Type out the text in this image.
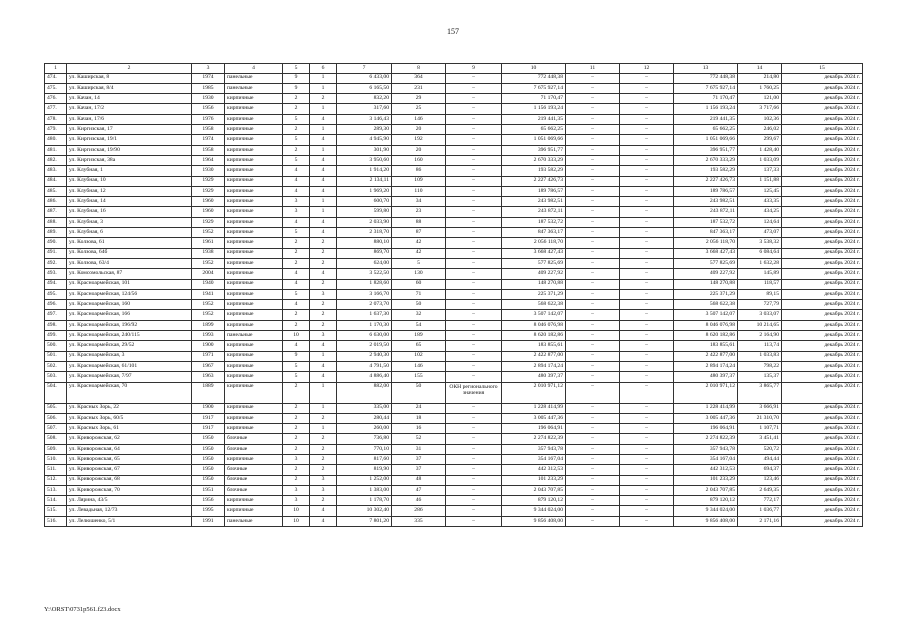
157
1	2	3	4	5	6	7	8	9	10	11	12	13	14	15
474.	ул. Каширская, 8	1974	панельные	9	1	6 433,00	364	–	772 448,38	–	–	772 448,38	214,80	декабрь 2024 г.
475.	ул. Каширская, 8/4	1985	панельные	9	1	6 165,50	231	–	7 675 927,14	–	–	7 675 927,14	1 760,25	декабрь 2024 г.
476.	ул. Качан, 14	1930	кирпичные	2	2	832,20	29	–	71 170,47	–	–	71 170,47	121,00	декабрь 2024 г.
477.	ул. Качан, 17/2	1956	кирпичные	2	1	317,60	25	–	1 156 193,24	–	–	1 156 193,24	3 717,66	декабрь 2024 г.
478.	ул. Качан, 17/6	1976	кирпичные	5	4	3 146,43	146	–	219 441,35	–	–	219 441,35	102,36	декабрь 2024 г.
479.	ул. Киргизская, 17	1958	кирпичные	2	1	289,30	20	–	65 662,25	–	–	65 662,25	246,02	декабрь 2024 г.
480.	ул. Киргизская, 19/1	1974	кирпичные	5	4	4 945,90	192	–	1 051 069,66	–	–	1 051 069,66	299,67	декабрь 2024 г.
481.	ул. Киргизская, 19/90	1958	кирпичные	2	1	301,90	20	–	396 951,77	–	–	396 951,77	1 428,40	декабрь 2024 г.
482.	ул. Киргизская, 38а	1964	кирпичные	5	4	3 950,60	160	–	2 670 333,29	–	–	2 670 333,29	1 033,09	декабрь 2024 г.
483.	ул. Клубная, 1	1930	кирпичные	4	4	1 914,20	86	–	193 582,29	–	–	193 582,29	137,33	декабрь 2024 г.
484.	ул. Клубная, 10	1929	кирпичные	4	4	2 134,11	109	–	2 227 426,73	–	–	2 227 426,73	1 151,88	декабрь 2024 г.
485.	ул. Клубная, 12	1929	кирпичные	4	4	1 969,20	110	–	189 786,57	–	–	189 786,57	125,45	декабрь 2024 г.
486.	ул. Клубная, 14	1960	кирпичные	3	1	600,70	34	–	243 982,51	–	–	243 982,51	433,35	декабрь 2024 г.
487.	ул. Клубная, 16	1960	кирпичные	3	1	599,80	23	–	243 872,11	–	–	243 872,11	434,25	декабрь 2024 г.
488.	ул. Клубная, 3	1929	кирпичные	4	4	2 033,90	88	–	187 532,72	–	–	187 532,72	124,64	декабрь 2024 г.
489.	ул. Клубная, 6	1952	кирпичные	5	4	2 318,70	87	–	847 363,17	–	–	847 363,17	473,07	декабрь 2024 г.
490.	ул. Колзова, 61	1961	кирпичные	2	2	880,10	42	–	2 056 118,70	–	–	2 056 118,70	3 538,32	декабрь 2024 г.
491.	ул. Колзова, 64б	1938	кирпичные	2	2	869,70	42	–	3 668 427,43	–	–	3 668 427,43	6 084,64	декабрь 2024 г.
492.	ул. Колзова, 63/4	1952	кирпичные	2	2	624,00	5	–	577 825,69	–	–	577 825,69	1 632,28	декабрь 2024 г.
493.	ул. Комсомольская, 87	2004	кирпичные	4	4	3 522,50	130	–	409 227,92	–	–	409 227,92	145,89	декабрь 2024 г.
494.	ул. Красноармейская, 101	1940	кирпичные	4	2	1 828,60	60	–	148 270,88	–	–	148 270,88	118,57	декабрь 2024 г.
495.	ул. Красноармейская, 124/56	1941	кирпичные	5	3	3 166,70	71	–	225 371,29	–	–	225 371,29	89,15	декабрь 2024 г.
496.	ул. Красноармейская, 160	1952	кирпичные	4	2	2 073,70	50	–	568 622,38	–	–	568 622,38	727,79	декабрь 2024 г.
497.	ул. Красноармейская, 166	1952	кирпичные	2	2	1 637,30	32	–	3 507 142,07	–	–	3 507 142,07	3 033,07	декабрь 2024 г.
498.	ул. Красноармейская, 196/92	1899	кирпичные	2	2	1 170,30	54	–	8 046 076,98	–	–	8 046 076,98	10 214,65	декабрь 2024 г.
499.	ул. Красноармейская, 240/115	1993	панельные	10	3	6 630,00	189	–	8 620 182,86	–	–	8 620 182,86	2 164,90	декабрь 2024 г.
500.	ул. Красноармейская, 29/52	1900	кирпичные	4	4	2 019,50	65	–	183 855,61	–	–	183 855,61	113,74	декабрь 2024 г.
501.	ул. Красноармейская, 3	1971	кирпичные	9	1	2 940,30	102	–	2 422 877,00	–	–	2 422 877,00	1 033,83	декабрь 2024 г.
502.	ул. Красноармейская, 61/101	1967	кирпичные	5	4	4 791,50	146	–	2 894 174,24	–	–	2 894 174,24	798,22	декабрь 2024 г.
503.	ул. Красноармейская, 7/97	1963	кирпичные	5	4	4 886,40	155	–	480 397,37	–	–	480 397,37	135,37	декабрь 2024 г.
504.	ул. Красноармейская, 70	1889	кирпичные	2	1	882,00	50	ОКН регионального значения	2 010 971,12	–	–	2 010 971,12	3 865,77	декабрь 2024 г.
505.	ул. Красных Зорь, 22	1900	кирпичные	2	1	335,00	24	–	1 228 414,99	–	–	1 228 414,99	3 666,91	декабрь 2024 г.
506.	ул. Красных Зорь, 60/5	1917	кирпичные	2	2	280,44	18	–	3 005 447,36	–	–	3 005 447,36	21 310,70	декабрь 2024 г.
507.	ул. Красных Зорь, 61	1917	кирпичные	2	1	260,00	16	–	196 064,91	–	–	196 064,91	1 107,71	декабрь 2024 г.
508.	ул. Криворожская, 62	1950	блочные	2	2	736,80	52	–	2 274 822,39	–	–	2 274 822,39	3 451,41	декабрь 2024 г.
509.	ул. Криворожская, 64	1950	блочные	2	2	770,10	31	–	357 943,78	–	–	357 943,78	520,72	декабрь 2024 г.
510.	ул. Криворожская, 65	1950	кирпичные	3	2	817,60	37	–	354 167,04	–	–	354 167,04	494,44	декабрь 2024 г.
511.	ул. Криворожская, 67	1950	блочные	2	2	819,90	37	–	442 312,53	–	–	442 312,53	694,37	декабрь 2024 г.
512.	ул. Криворожская, 68	1950	блочные	2	3	1 252,00	48	–	101 233,29	–	–	101 233,29	123,46	декабрь 2024 г.
513.	ул. Криворожская, 70	1951	блочные	3	3	1 383,00	47	–	2 043 707,85	–	–	2 043 707,85	2 649,35	декабрь 2024 г.
514.	ул. Лярина, 43/5	1956	кирпичные	3	2	1 178,70	46	–	879 120,12	–	–	879 120,12	772,17	декабрь 2024 г.
515.	ул. Левадьная, 12/73	1995	кирпичные	10	4	10 302,40	286	–	9 344 024,00	–	–	9 344 024,00	1 036,77	декабрь 2024 г.
516.	ул. Лелюшенко, 5/1	1991	панельные	10	4	7 801,20	335	–	9 856 408,00	–	–	9 856 408,00	2 171,16	декабрь 2024 г.
Y:\ORST\0731p561.f23.docx
